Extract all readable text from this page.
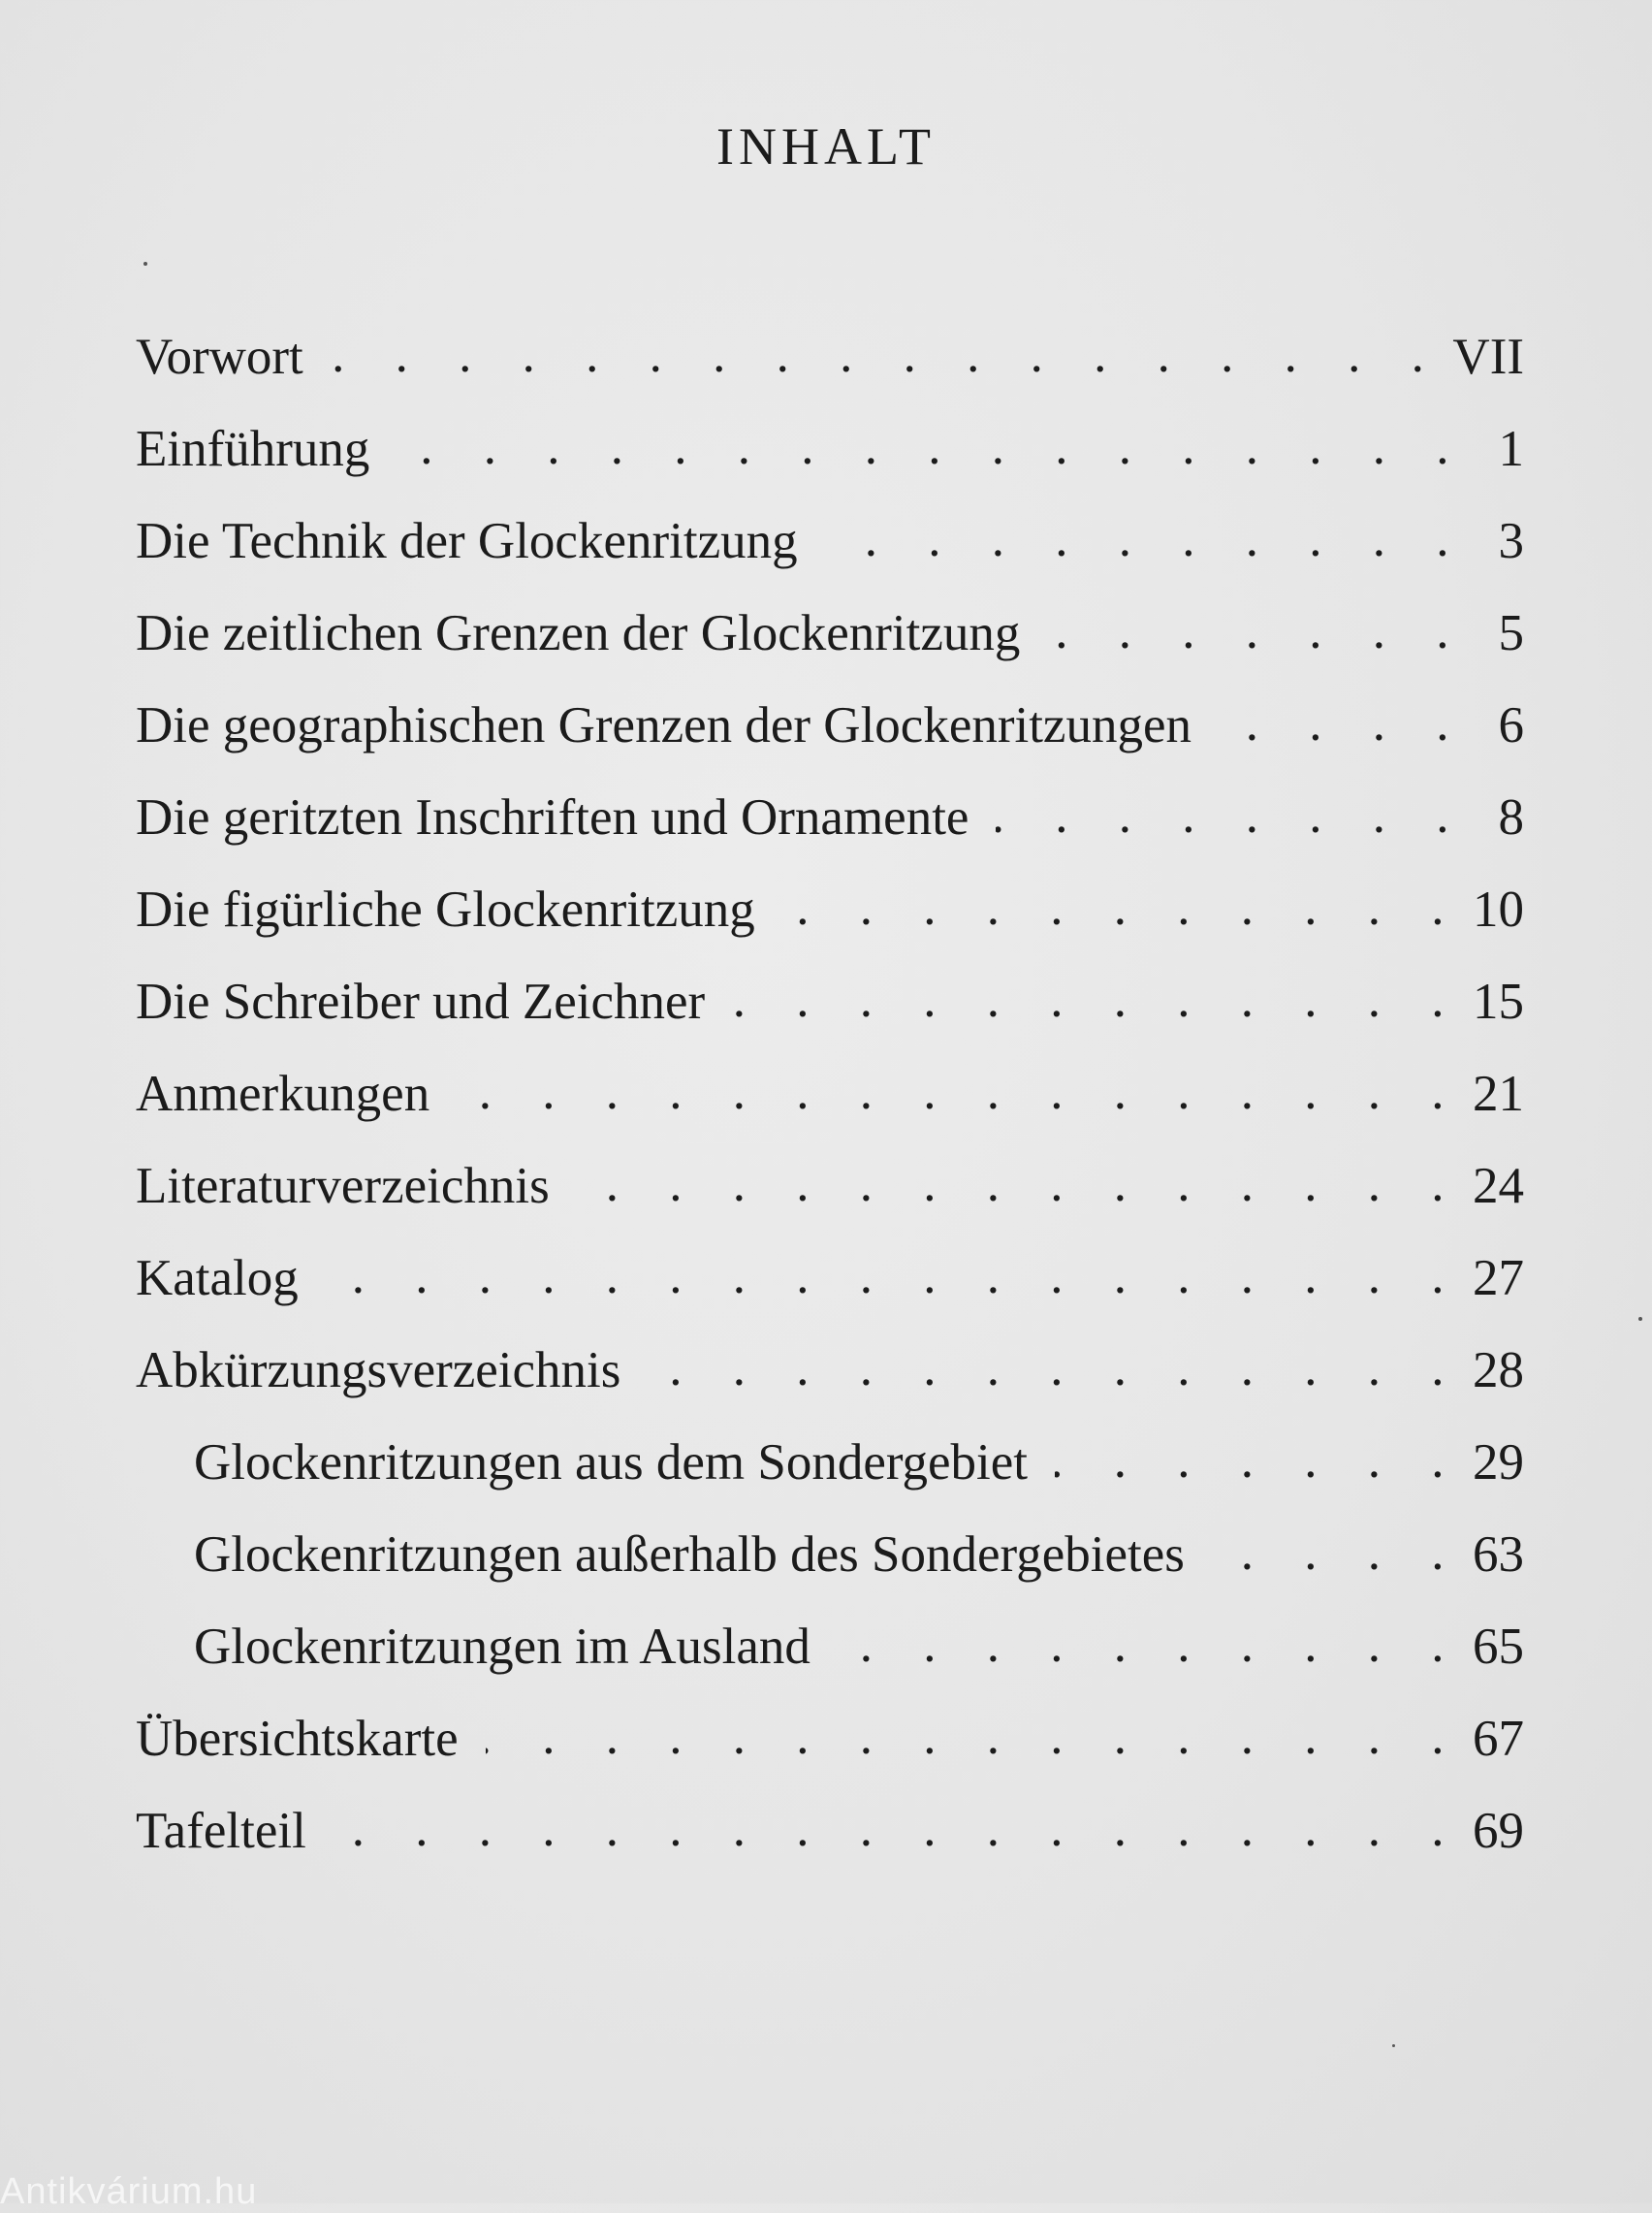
INHALT
Vorwort . . .	VII
Einführung . . .	1
Die Technik der Glockenritzung . . .	3
Die zeitlichen Grenzen der Glockenritzung . . .	5
Die geographischen Grenzen der Glockenritzungen . . .	6
Die geritzten Inschriften und Ornamente . . .	8
Die figürliche Glockenritzung . . .	10
Die Schreiber und Zeichner . . .	15
Anmerkungen . . .	21
Literaturverzeichnis . . .	24
Katalog . . .	27
Abkürzungsverzeichnis . . .	28
Glockenritzungen aus dem Sondergebiet . . .	29
Glockenritzungen außerhalb des Sondergebietes . . .	63
Glockenritzungen im Ausland . . .	65
Übersichtskarte . . .	67
Tafelteil . . .	69
Antikvárium.hu
